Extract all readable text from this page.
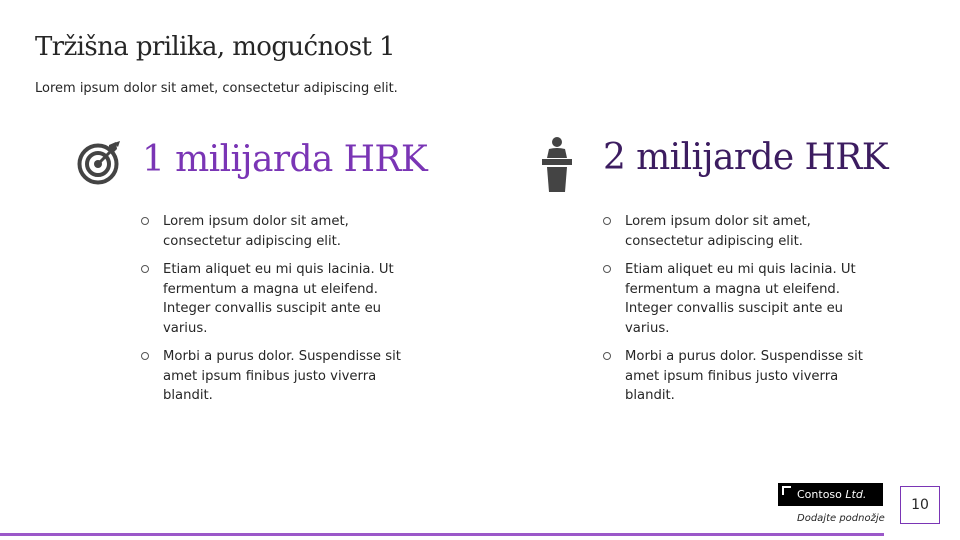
Tržišna prilika, mogućnost 1
Lorem ipsum dolor sit amet, consectetur adipiscing elit.
1 milijarda HRK
Lorem ipsum dolor sit amet, consectetur adipiscing elit.
Etiam aliquet eu mi quis lacinia. Ut fermentum a magna ut eleifend. Integer convallis suscipit ante eu varius.
Morbi a purus dolor. Suspendisse sit amet ipsum finibus justo viverra blandit.
2 milijarde HRK
Lorem ipsum dolor sit amet, consectetur adipiscing elit.
Etiam aliquet eu mi quis lacinia. Ut fermentum a magna ut eleifend. Integer convallis suscipit ante eu varius.
Morbi a purus dolor. Suspendisse sit amet ipsum finibus justo viverra blandit.
Contoso Ltd.
Dodajte podnožje
10
